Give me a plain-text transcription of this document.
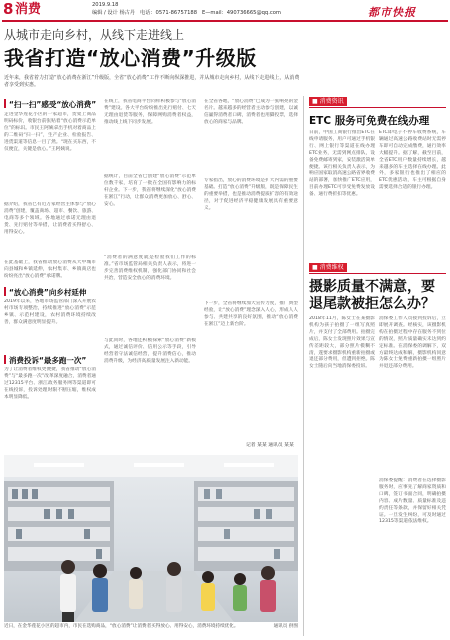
8 消费	2019.9.18
编辑 / 设计 杨古丹 电话：0571-86757188 E—mail：490736665@qq.com	都市快报
从城市走向乡村，从线下走进线上
我省打造“放心消费”升级版
近年来，我省着力打造“放心消费在浙江”升级版，全省“放心消费”工作不断向纵深推进，并从城市走向乡村，从线下走进线上，从消费者享受到实惠。
“扫一扫”感受“放心消费”
走进金华莲花小区的一家超市，货架上商品明码标价，收银台前张贴着“放心消费示范单位”的标识。市民王阿姨拿出手机对着商品上的二维码“扫一扫”，生产企业、检验报告、进货渠道等信息一目了然。“现在买东西，不仅便宜，关键是放心。”王阿姨说。
据介绍，我省已有近万家经营主体参与“放心消费”创建，覆盖商场、超市、餐饮、旅游、电商等多个领域。各地通过承诺无理由退货、先行赔付等举措，让消费者买得舒心、用得安心。
在此基础上，我省推动放心消费从大中城市向县城和乡镇延伸，农村集市、乡镇商店也纷纷亮出“放心消费”承诺牌。
“放心消费”向乡村延伸
2019年以来，各地市场监管部门深入开展农村市场专项整治，持续推进“放心消费”示范乡镇、示范村建设，农村消费环境持续改善，群众满意度明显提升。
消费投诉“最多跑一次”
为了让消费者维权更便捷，我省推动“放心消费”与“最多跑一次”改革深度融合，消费者通过12315平台、浙江政务服务网等渠道即可在线投诉，投诉处理时限不断压缩，维权成本明显降低。
在线上，我省电商平台同样积极参与“放心消费”建设。各大平台纷纷推出先行赔付、七天无理由退货等服务，保障网购消费者权益，推动线上线下同步发展。
据统计，目前全省已创建“放心消费”示范单位数千家，培育了一批在全国有影响力的标杆企业。下一步，我省将继续深化“放心消费在浙江”行动，让群众消费更加放心、舒心、安心。
“消费者的满意度就是检验我们工作的标准。”省市场监管局相关负责人表示，将进一步完善消费维权机制，强化部门协同和社会共治，营造安全放心的消费环境。
与此同时，各地还积极探索“放心消费”新模式，通过诚信评价、信用公示等手段，引导经营者守法诚信经营，提升消费信心，推动消费升级，为经济高质量发展注入新动能。
在全省各地，“放心消费”已成为一张响亮的金名片。越来越多的经营者主动参与创建，以诚信赢得消费者口碑，消费者也用脚投票，选择放心的商家与品牌。
专家指出，放心的消费环境是扩大内需的重要基础。打造“放心消费”升级版，既是保障民生的重要举措，也是推动消费提质扩容的有效途径，对于促进经济平稳健康发展具有重要意义。
下一步，全省将继续加大宣传力度，推广典型经验，让“放心消费”理念深入人心，形成人人参与、共建共享的良好氛围，推动“放心消费在浙江”迈上新台阶。
记者 某某 通讯员 某某
近日，在金华莲花小区的超市内，市民在选购商品，“放心消费”让消费者买得放心、用得安心，消费环境持续优化。	通讯员 供图
■ 消费资讯
ETC 服务可免费在线办理
日前，中国工商银行推出ETC在线申请服务，用户可通过手机银行、网上银行等渠道在线办理ETC业务，无需到网点排队，设备免费邮寄到家，安装激活简单便捷。该行相关负责人表示，为响应国家取消高速公路省界收费站的部署，加快推广ETC应用，目前办理ETC可享受免费发放设备、通行费折扣等优惠。
ETC即电子不停车收费系统，车辆通过高速公路收费站时无需停车即可自动完成缴费，通行效率大幅提升。据了解，截至目前，全省ETC用户数量持续增长，越来越多的车主选择在线办理。此外，多家银行也推出了相应的ETC优惠活动，车主可根据自身需要选择合适的银行办理。
■ 消费维权
摄影质量不满意，要退尾款被拒怎么办？
2018年11月，陈女士在某摄影机构为孩子拍摄了一组写真照片，并支付了全部费用。拍摄完成后，陈女士发现照片效果与宣传差距较大，部分照片模糊不清，遂要求摄影机构重新拍摄或退还部分费用，但遭到拒绝。陈女士随后向当地消保委投诉。
消保委工作人员接到投诉后，立即展开调查。经核实，该摄影机构在拍摄过程中存在服务不到位的情况，照片质量确实未达到约定标准。在消保委的调解下，双方最终达成和解，摄影机构同意为陈女士免费重新拍摄一组照片并退还部分费用。
消保委提醒：消费者在选择摄影服务时，应事先了解商家资质和口碑，签订书面合同，明确拍摄内容、成片数量、质量标准及违约责任等条款，并保留好相关凭证。一旦发生纠纷，可及时通过12315等渠道依法维权。
